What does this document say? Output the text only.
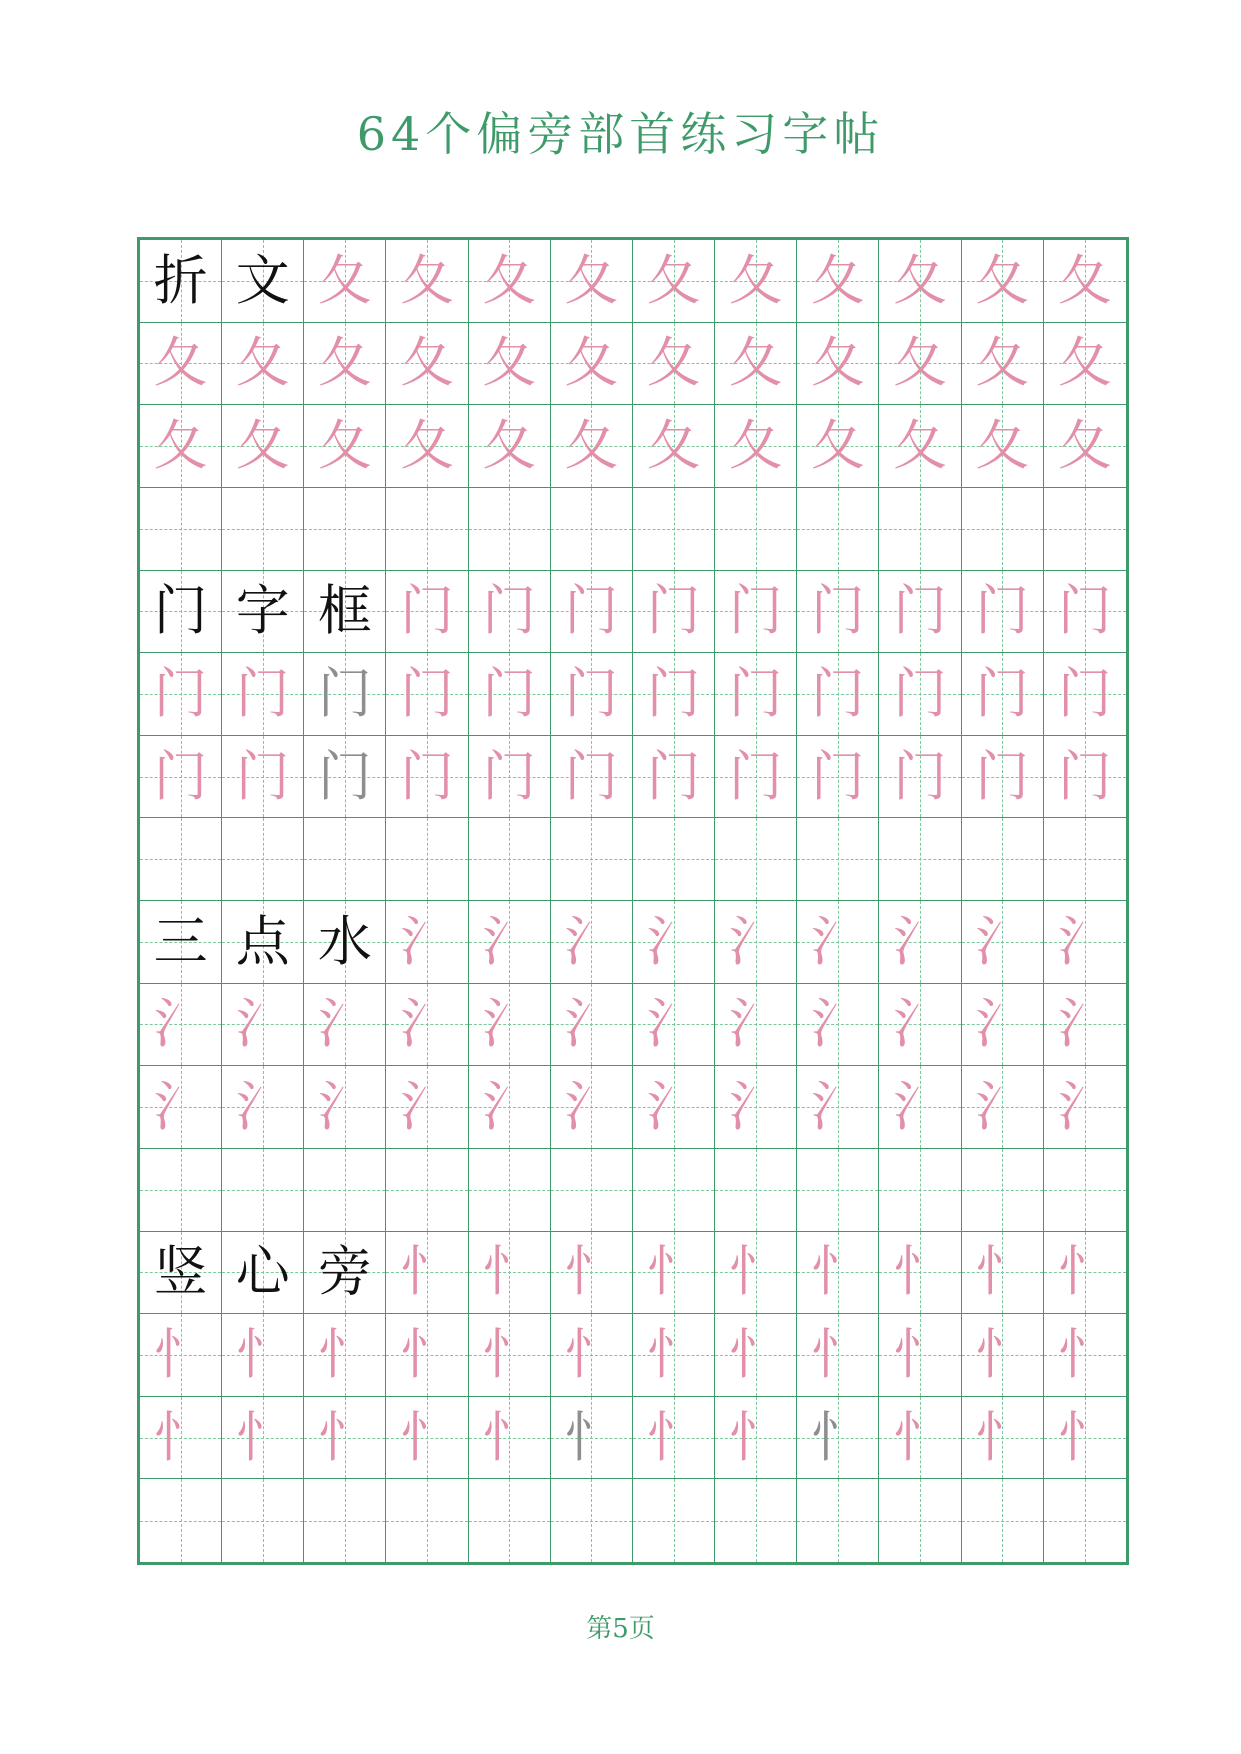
64个偏旁部首练习字帖
折 文 夂 夂 夂 夂 夂 夂 夂 夂 夂 夂
夂 夂 夂 夂 夂 夂 夂 夂 夂 夂 夂 夂
夂 夂 夂 夂 夂 夂 夂 夂 夂 夂 夂 夂
门 字 框 门 门 门 门 门 门 门 门 门
门 门 门 门 门 门 门 门 门 门 门 门
门 门 门 门 门 门 门 门 门 门 门 门
三 点 水 氵 氵 氵 氵 氵 氵 氵 氵 氵
氵 氵 氵 氵 氵 氵 氵 氵 氵 氵 氵 氵
氵 氵 氵 氵 氵 氵 氵 氵 氵 氵 氵 氵
竖 心 旁 忄 忄 忄 忄 忄 忄 忄 忄 忄
忄 忄 忄 忄 忄 忄 忄 忄 忄 忄 忄 忄
忄 忄 忄 忄 忄 忄 忄 忄 忄 忄 忄 忄
第5页
